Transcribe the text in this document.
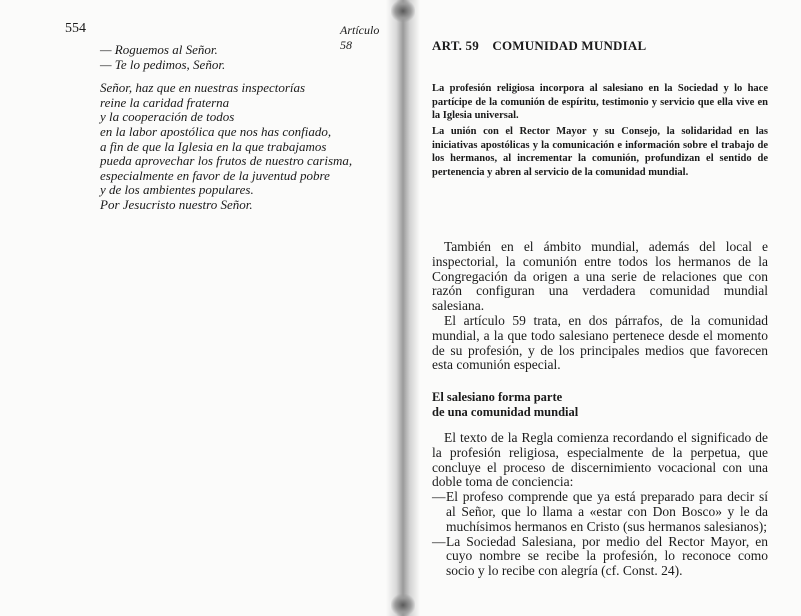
554	Artículo 58
— Roguemos al Señor.
— Te lo pedimos, Señor.
Señor, haz que en nuestras inspectorías
reine la caridad fraterna
y la cooperación de todos
en la labor apostólica que nos has confiado,
a fin de que la Iglesia en la que trabajamos
pueda aprovechar los frutos de nuestro carisma,
especialmente en favor de la juventud pobre
y de los ambientes populares.
Por Jesucristo nuestro Señor.
ART. 59 COMUNIDAD MUNDIAL
La profesión religiosa incorpora al salesiano en la Sociedad y lo hace partícipe de la comunión de espíritu, testimonio y servicio que ella vive en la Iglesia universal.
La unión con el Rector Mayor y su Consejo, la solidaridad en las iniciativas apostólicas y la comunicación e información sobre el trabajo de los hermanos, al incrementar la comunión, profundizan el sentido de pertenencia y abren al servicio de la comunidad mundial.

También en el ámbito mundial, además del local e inspectorial, la comunión entre todos los hermanos de la Congregación da origen a una serie de relaciones que con razón configuran una verdadera comunidad mundial salesiana.

El artículo 59 trata, en dos párrafos, de la comunidad mundial, a la que todo salesiano pertenece desde el momento de su profesión, y de los principales medios que favorecen esta comunión especial.

El salesiano forma parte
de una comunidad mundial

El texto de la Regla comienza recordando el significado de la profesión religiosa, especialmente de la perpetua, que concluye el proceso de discernimiento vocacional con una doble toma de conciencia:

— El profeso comprende que ya está preparado para decir sí al Señor, que lo llama a «estar con Don Bosco» y le da muchísimos hermanos en Cristo (sus hermanos salesianos);
— La Sociedad Salesiana, por medio del Rector Mayor, en cuyo nombre se recibe la profesión, lo reconoce como socio y lo recibe con alegría (cf. Const. 24).
